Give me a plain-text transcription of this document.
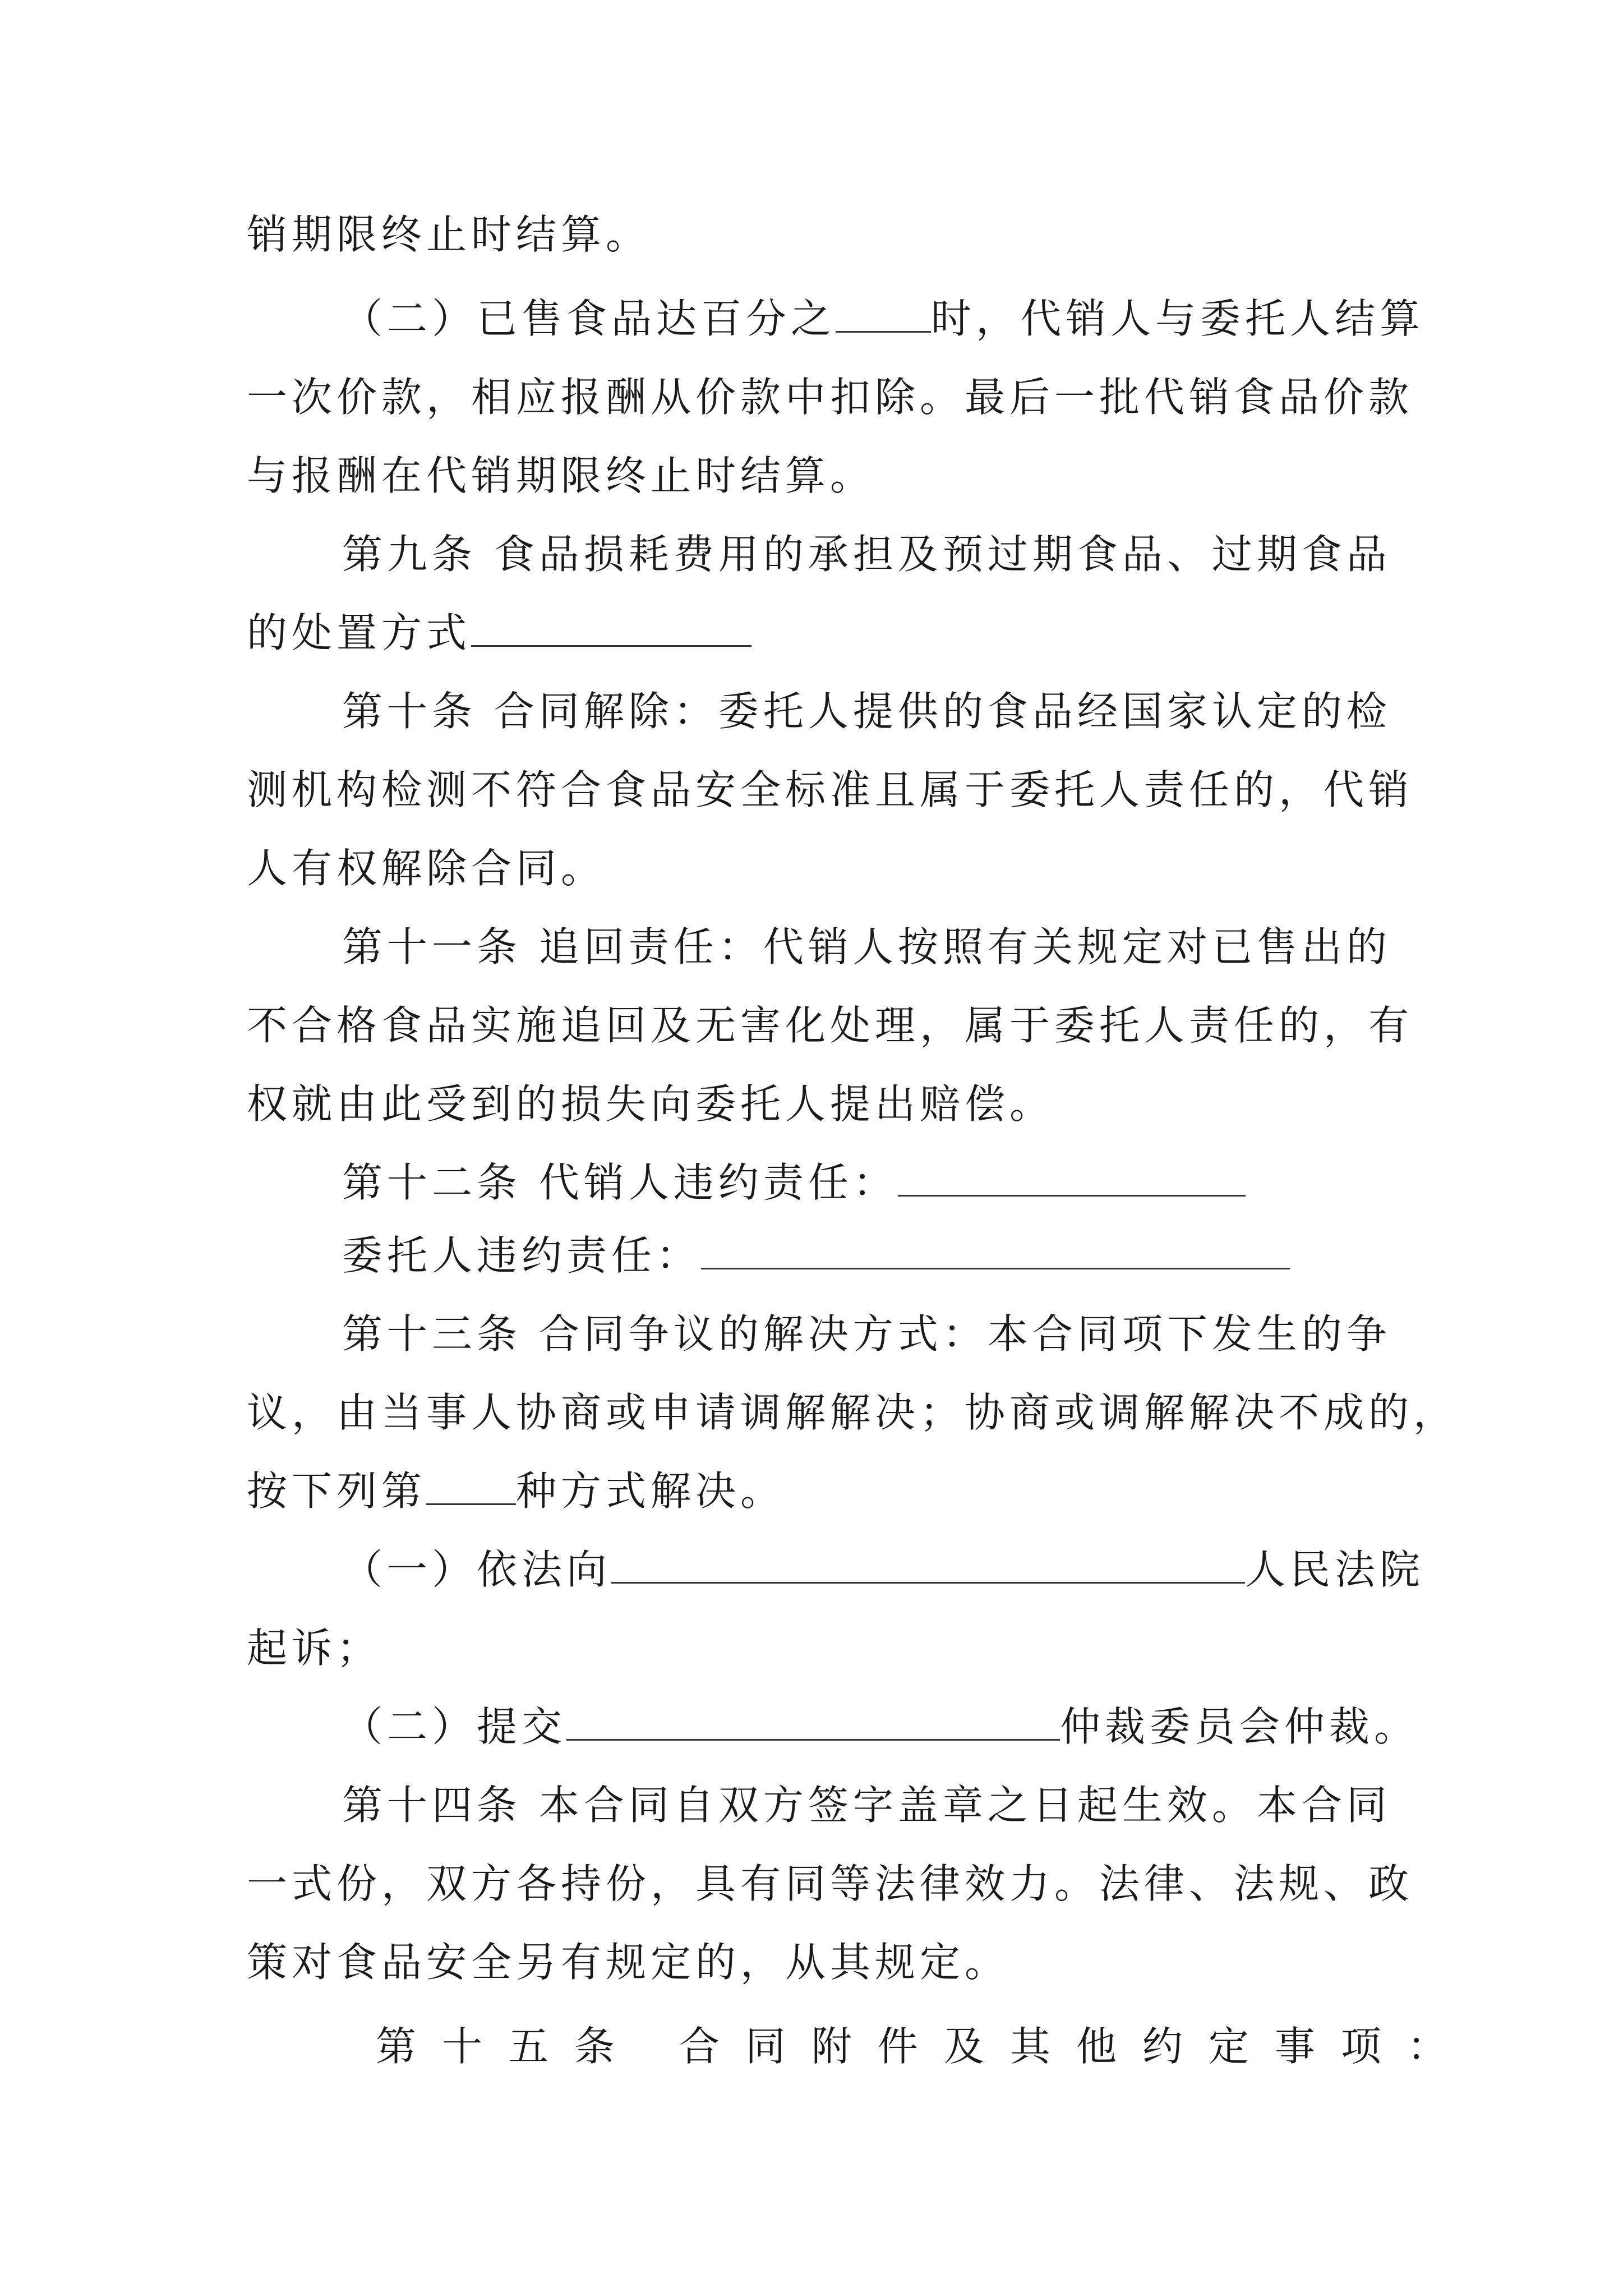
销期限终止时结算。
（二）已售食品达百分之 时，代销人与委托人结算
一次价款，相应报酬从价款中扣除。最后一批代销食品价款
与报酬在代销期限终止时结算。
第九条 食品损耗费用的承担及预过期食品、过期食品
的处置方式
第十条 合同解除：委托人提供的食品经国家认定的检
测机构检测不符合食品安全标准且属于委托人责任的，代销
人有权解除合同。
第十一条 追回责任：代销人按照有关规定对已售出的
不合格食品实施追回及无害化处理，属于委托人责任的，有
权就由此受到的损失向委托人提出赔偿。
第十二条 代销人违约责任：
委托人违约责任：
第十三条 合同争议的解决方式：本合同项下发生的争
议，由当事人协商或申请调解解决；协商或调解解决不成的，
按下列第 种方式解决。
（一）依法向	人民法院
起诉；
（二）提交	仲裁委员会仲裁。
第十四条 本合同自双方签字盖章之日起生效。本合同
一式份，双方各持份，具有同等法律效力。法律、法规、政
策对食品安全另有规定的，从其规定。
第十五条 合同附件及其他约定事项：
